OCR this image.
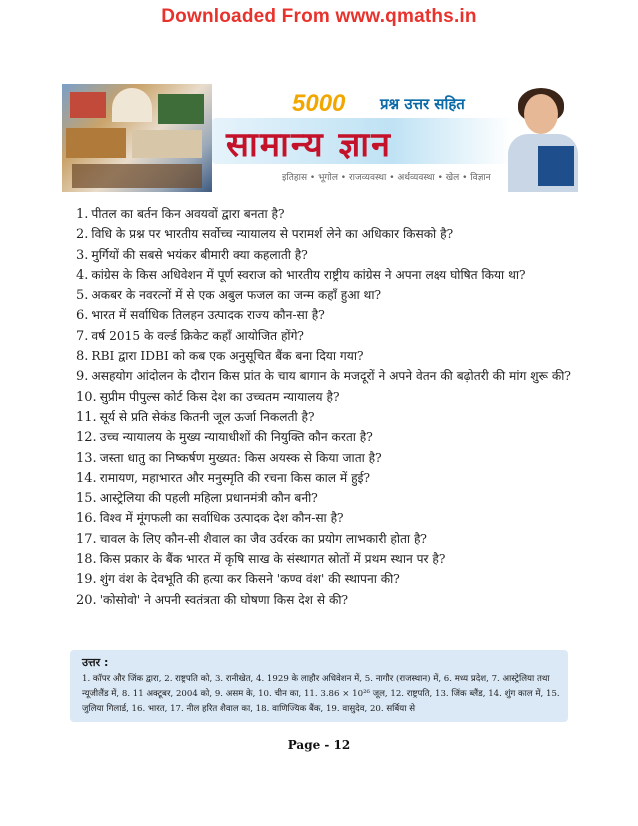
Downloaded From www.qmaths.in
5000 प्रश्न उत्तर सहित
सामान्य ज्ञान
इतिहास • भूगोल • राजव्यवस्था • अर्थव्यवस्था • खेल • विज्ञान
1. पीतल का बर्तन किन अवयवों द्वारा बनता है?
2. विधि के प्रश्न पर भारतीय सर्वोच्च न्यायालय से परामर्श लेने का अधिकार किसको है?
3. मुर्गियों की सबसे भयंकर बीमारी क्या कहलाती है?
4. कांग्रेस के किस अधिवेशन में पूर्ण स्वराज को भारतीय राष्ट्रीय कांग्रेस ने अपना लक्ष्य घोषित किया था?
5. अकबर के नवरत्नों में से एक अबुल फजल का जन्म कहाँ हुआ था?
6. भारत में सर्वाधिक तिलहन उत्पादक राज्य कौन-सा है?
7. वर्ष 2015 के वर्ल्ड क्रिकेट कहाँ आयोजित होंगे?
8. RBI द्वारा IDBI को कब एक अनुसूचित बैंक बना दिया गया?
9. असहयोग आंदोलन के दौरान किस प्रांत के चाय बागान के मजदूरों ने अपने वेतन की बढ़ोतरी की मांग शुरू की?
10. सुप्रीम पीपुल्स कोर्ट किस देश का उच्चतम न्यायालय है?
11. सूर्य से प्रति सेकंड कितनी जूल ऊर्जा निकलती है?
12. उच्च न्यायालय के मुख्य न्यायाधीशों की नियुक्ति कौन करता है?
13. जस्ता धातु का निष्कर्षण मुख्यत: किस अयस्क से किया जाता है?
14. रामायण, महाभारत और मनुस्मृति की रचना किस काल में हुई?
15. आस्ट्रेलिया की पहली महिला प्रधानमंत्री कौन बनी?
16. विश्व में मूंगफली का सर्वाधिक उत्पादक देश कौन-सा है?
17. चावल के लिए कौन-सी शैवाल का जैव उर्वरक का प्रयोग लाभकारी होता है?
18. किस प्रकार के बैंक भारत में कृषि साख के संस्थागत स्रोतों में प्रथम स्थान पर है?
19. शुंग वंश के देवभूति की हत्या कर किसने 'कण्व वंश' की स्थापना की?
20. 'कोसोवो' ने अपनी स्वतंत्रता की घोषणा किस देश से की?
उत्तर :
1. कॉपर और जिंक द्वारा, 2. राष्ट्रपति को, 3. रानीखेत, 4. 1929 के लाहौर अधिवेशन में, 5. नागौर (राजस्थान) में, 6. मध्य प्रदेश, 7. आस्ट्रेलिया तथा न्यूजीलैंड में, 8. 11 अक्टूबर, 2004 को, 9. असम के, 10. चीन का, 11. 3.86 × 10²⁶ जूल, 12. राष्ट्रपति, 13. जिंक ब्लैंड, 14. शुंग काल में, 15. जुलिया गिलार्ड, 16. भारत, 17. नील हरित शैवाल का, 18. वाणिज्यिक बैंक, 19. वासुदेव, 20. सर्बिया से
Page - 12
